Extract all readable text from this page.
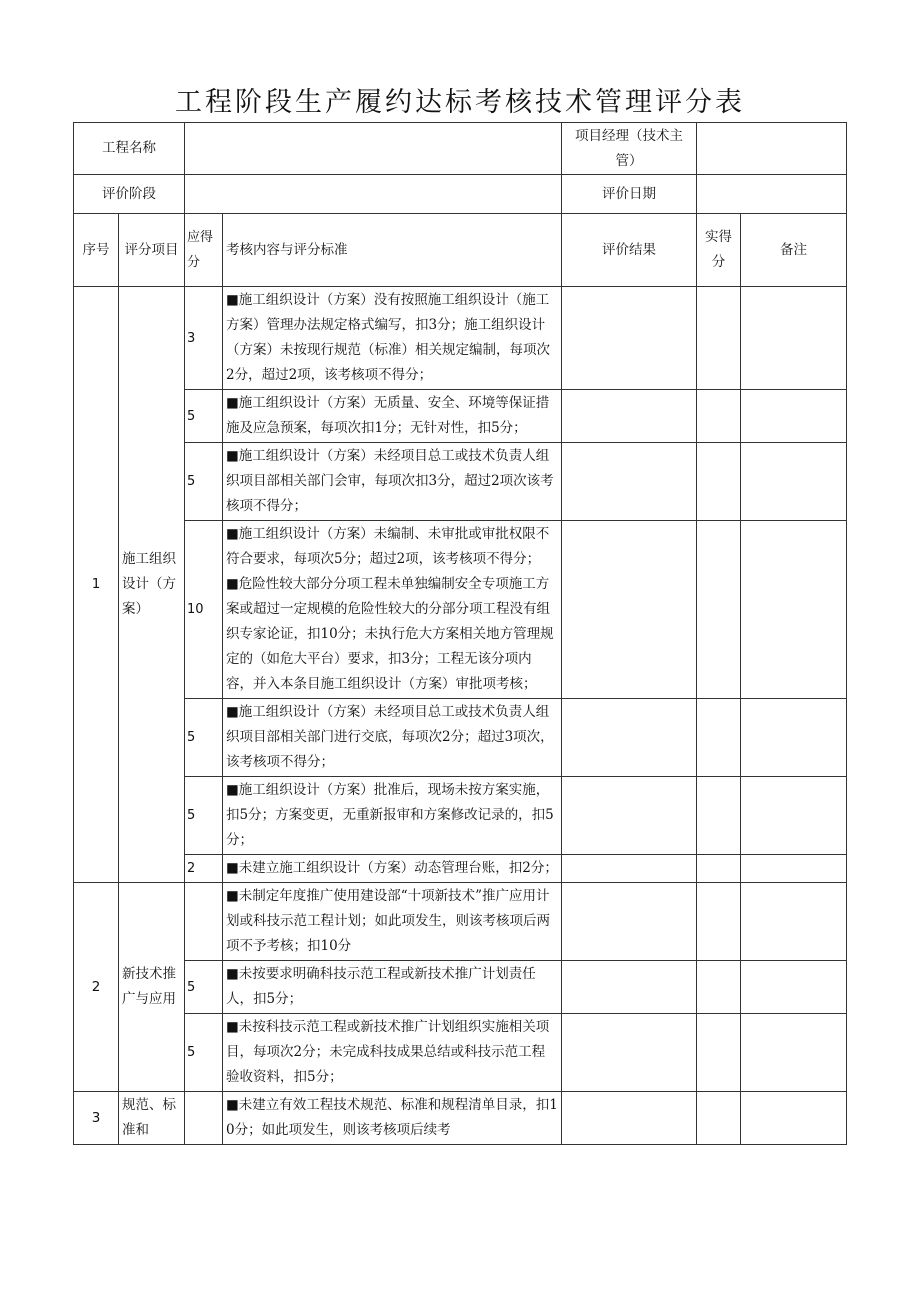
工程阶段生产履约达标考核技术管理评分表
工程名称				项目经理（技术主管）		
评价阶段				评价日期		
序号	评分项目	应得分	考核内容与评分标准	评价结果	实得分	备注
1	施工组织设计（方案）	3	■施工组织设计（方案）没有按照施工组织设计（施工方案）管理办法规定格式编写，扣3分；施工组织设计（方案）未按现行规范（标准）相关规定编制，每项次2分，超过2项，该考核项不得分；			

		5	■施工组织设计（方案）无质量、安全、环境等保证措施及应急预案，每项次扣1分；无针对性，扣5分；			

		5	■施工组织设计（方案）未经项目总工或技术负责人组织项目部相关部门会审，每项次扣3分，超过2项次该考核项不得分；			

		10	■施工组织设计（方案）未编制、未审批或审批权限不符合要求，每项次5分；超过2项，该考核项不得分；
■危险性较大部分分项工程未单独编制安全专项施工方案或超过一定规模的危险性较大的分部分项工程没有组织专家论证，扣10分；未执行危大方案相关地方管理规定的（如危大平台）要求，扣3分；工程无该分项内容，并入本条目施工组织设计（方案）审批项考核；			

		5	■施工组织设计（方案）未经项目总工或技术负责人组织项目部相关部门进行交底，每项次2分；超过3项次，该考核项不得分；			

		5	■施工组织设计（方案）批准后，现场未按方案实施，扣5分；方案变更，无重新报审和方案修改记录的，扣5分；			

		2	■未建立施工组织设计（方案）动态管理台账，扣2分；			

2	新技术推广与应用		■未制定年度推广使用建设部“十项新技术”推广应用计划或科技示范工程计划；如此项发生，则该考核项后两项不予考核；扣10分			

		5	■未按要求明确科技示范工程或新技术推广计划责任人，扣5分；			

		5	■未按科技示范工程或新技术推广计划组织实施相关项目，每项次2分；未完成科技成果总结或科技示范工程验收资料，扣5分；			

3	规范、标准和		■未建立有效工程技术规范、标准和规程清单目录，扣10分；如此项发生，则该考核项后续考			
